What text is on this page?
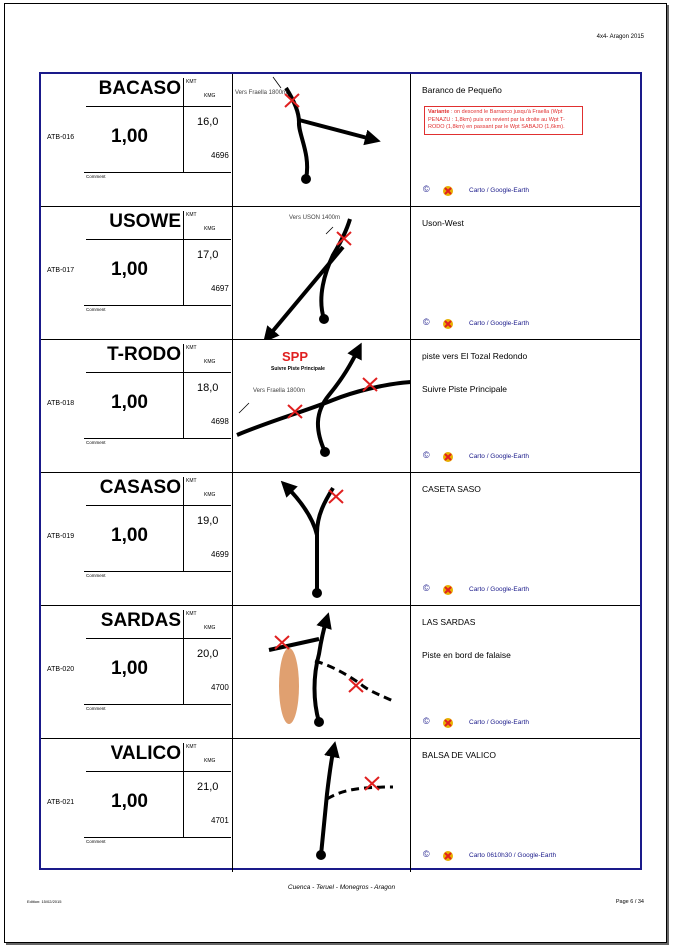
4x4- Aragon 2015
BACASO KMT
KMG
16,0
4696
ATB-016 1,00
Comment
Vers Fraella 1800m	Baranco de Pequeño
Variante : on descend le Barranco jusqu'à Fraella (Wpt PENAZU : 1,8km) puis on revient par la droite au Wpt T-RODO (1,8km) en passant par le Wpt SABAJO (1,6km).
©	Carto / Google-Earth
USOWE KMT
KMG
17,0
4697
ATB-017 1,00
Comment
Vers USON 1400m	Uson-West
©	Carto / Google-Earth
T-RODO KMT
KMG
18,0
4698
ATB-018 1,00
Comment
Vers Fraella 1800m
SPP
Suivre Piste Principale
piste vers El Tozal Redondo
Suivre Piste Principale
©	Carto / Google-Earth
CASASO KMT
KMG
19,0
4699
ATB-019 1,00
Comment
CASETA SASO
©	Carto / Google-Earth
SARDAS KMT
KMG
20,0
4700
ATB-020 1,00
Comment
LAS SARDAS
Piste en bord de falaise
©	Carto / Google-Earth
VALICO KMT
KMG
21,0
4701
ATB-021 1,00
Comment
BALSA DE VALICO
©	Carto 0610h30 / Google-Earth
Cuenca - Teruel - Monegros - Aragon
Edition: 15/02/2015	Page 6 / 34
